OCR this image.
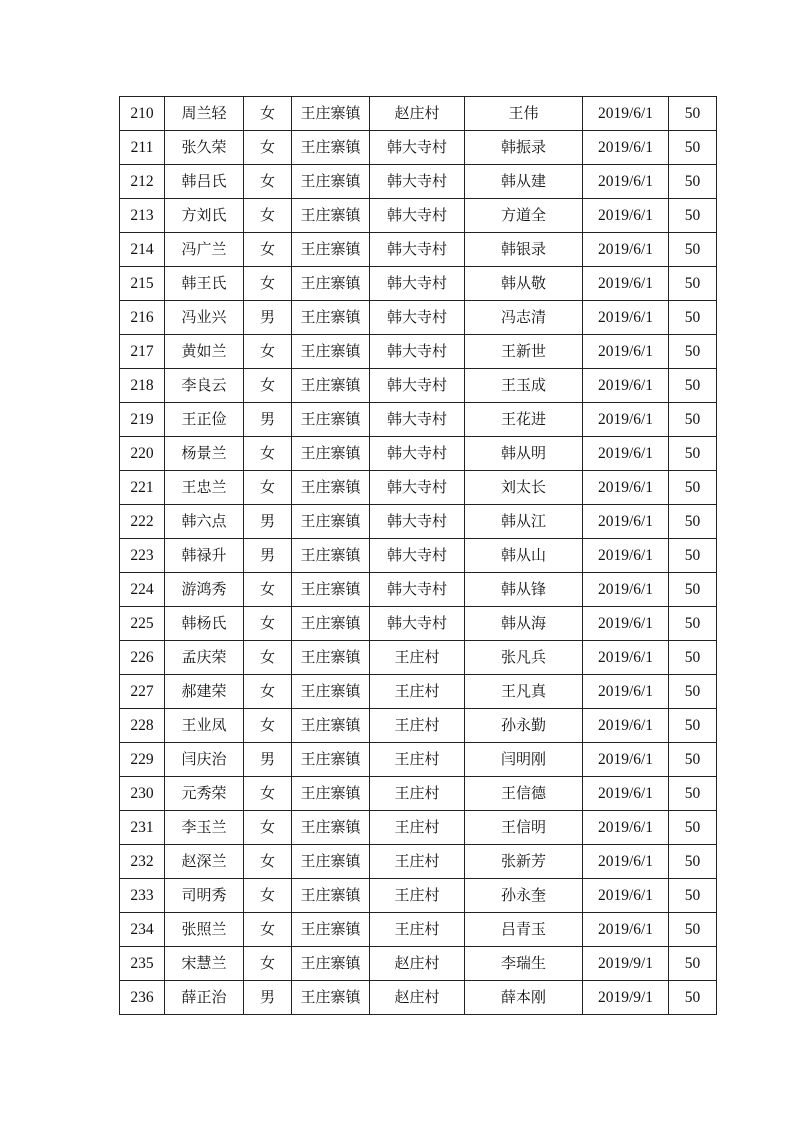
210	周兰轻	女	王庄寨镇	赵庄村	王伟	2019/6/1	50
211	张久荣	女	王庄寨镇	韩大寺村	韩振录	2019/6/1	50
212	韩吕氏	女	王庄寨镇	韩大寺村	韩从建	2019/6/1	50
213	方刘氏	女	王庄寨镇	韩大寺村	方道全	2019/6/1	50
214	冯广兰	女	王庄寨镇	韩大寺村	韩银录	2019/6/1	50
215	韩王氏	女	王庄寨镇	韩大寺村	韩从敬	2019/6/1	50
216	冯业兴	男	王庄寨镇	韩大寺村	冯志清	2019/6/1	50
217	黄如兰	女	王庄寨镇	韩大寺村	王新世	2019/6/1	50
218	李良云	女	王庄寨镇	韩大寺村	王玉成	2019/6/1	50
219	王正俭	男	王庄寨镇	韩大寺村	王花进	2019/6/1	50
220	杨景兰	女	王庄寨镇	韩大寺村	韩从明	2019/6/1	50
221	王忠兰	女	王庄寨镇	韩大寺村	刘太长	2019/6/1	50
222	韩六点	男	王庄寨镇	韩大寺村	韩从江	2019/6/1	50
223	韩禄升	男	王庄寨镇	韩大寺村	韩从山	2019/6/1	50
224	游鸿秀	女	王庄寨镇	韩大寺村	韩从锋	2019/6/1	50
225	韩杨氏	女	王庄寨镇	韩大寺村	韩从海	2019/6/1	50
226	孟庆荣	女	王庄寨镇	王庄村	张凡兵	2019/6/1	50
227	郝建荣	女	王庄寨镇	王庄村	王凡真	2019/6/1	50
228	王业凤	女	王庄寨镇	王庄村	孙永勤	2019/6/1	50
229	闫庆治	男	王庄寨镇	王庄村	闫明刚	2019/6/1	50
230	元秀荣	女	王庄寨镇	王庄村	王信德	2019/6/1	50
231	李玉兰	女	王庄寨镇	王庄村	王信明	2019/6/1	50
232	赵深兰	女	王庄寨镇	王庄村	张新芳	2019/6/1	50
233	司明秀	女	王庄寨镇	王庄村	孙永奎	2019/6/1	50
234	张照兰	女	王庄寨镇	王庄村	吕青玉	2019/6/1	50
235	宋慧兰	女	王庄寨镇	赵庄村	李瑞生	2019/9/1	50
236	薛正治	男	王庄寨镇	赵庄村	薛本刚	2019/9/1	50
